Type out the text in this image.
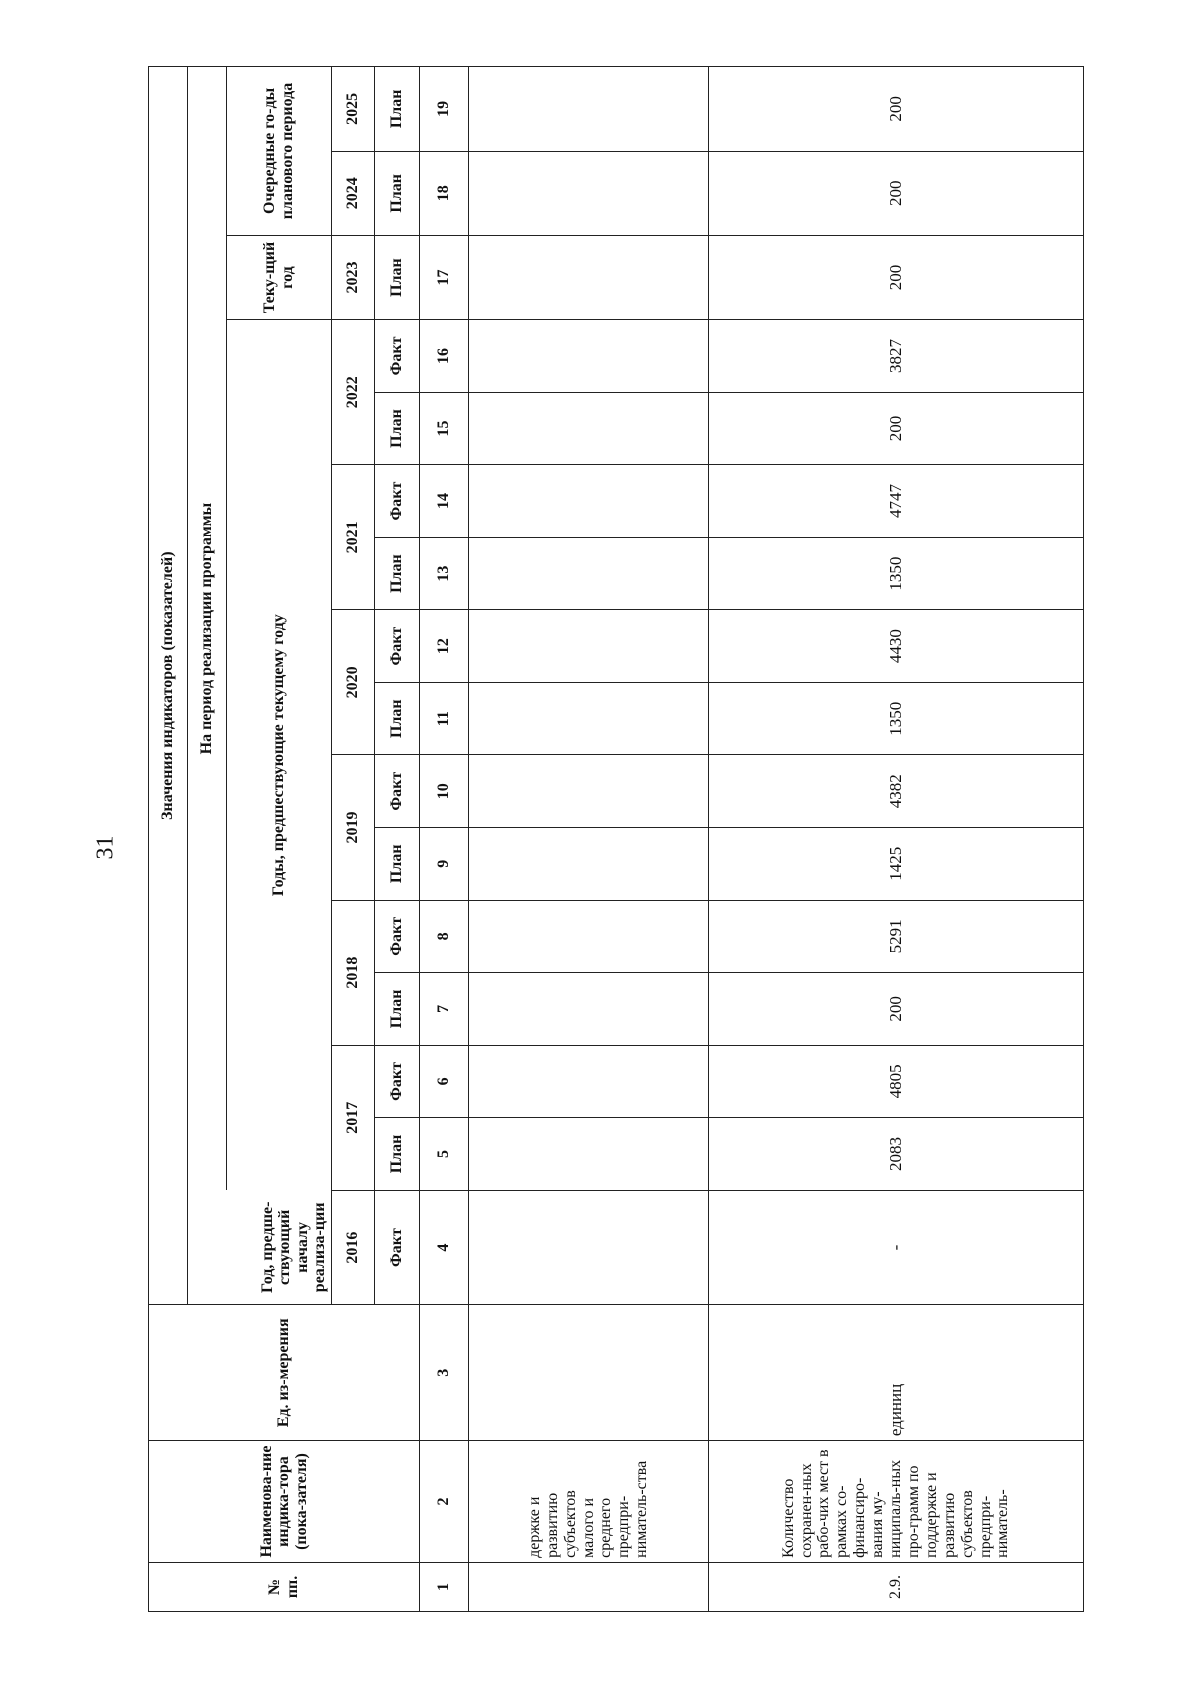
31
№ пп.	Наименова-ние индика-тора (пока-зателя)	Ед. из-мерения	Значения индикаторов (показателей)															
			Год, предше-ствующий началу реализа-ции	На период реализации программы														
				Годы, предшествующие текущему году												Теку-щий год	Очередные го-ды планового периода	

			2016	2017		2018		2019		2020		2021		2022		2023	2024	2025
			Факт	План	Факт	План	Факт	План	Факт	План	Факт	План	Факт	План	Факт	План	План	План
1	2	3	4	5	6	7	8	9	10	11	12	13	14	15	16	17	18	19
	держке и развитию субъектов малого и среднего предпри-ниматель-ства																	
2.9.	Количество сохранен-ных рабо-чих мест в рамках со-финансиро-вания му-ниципаль-ных про-грамм по поддержке и развитию субъектов предпри-ниматель-	единиц	-	2083	4805	200	5291	1425	4382	1350	4430	1350	4747	200	3827	200	200	200
